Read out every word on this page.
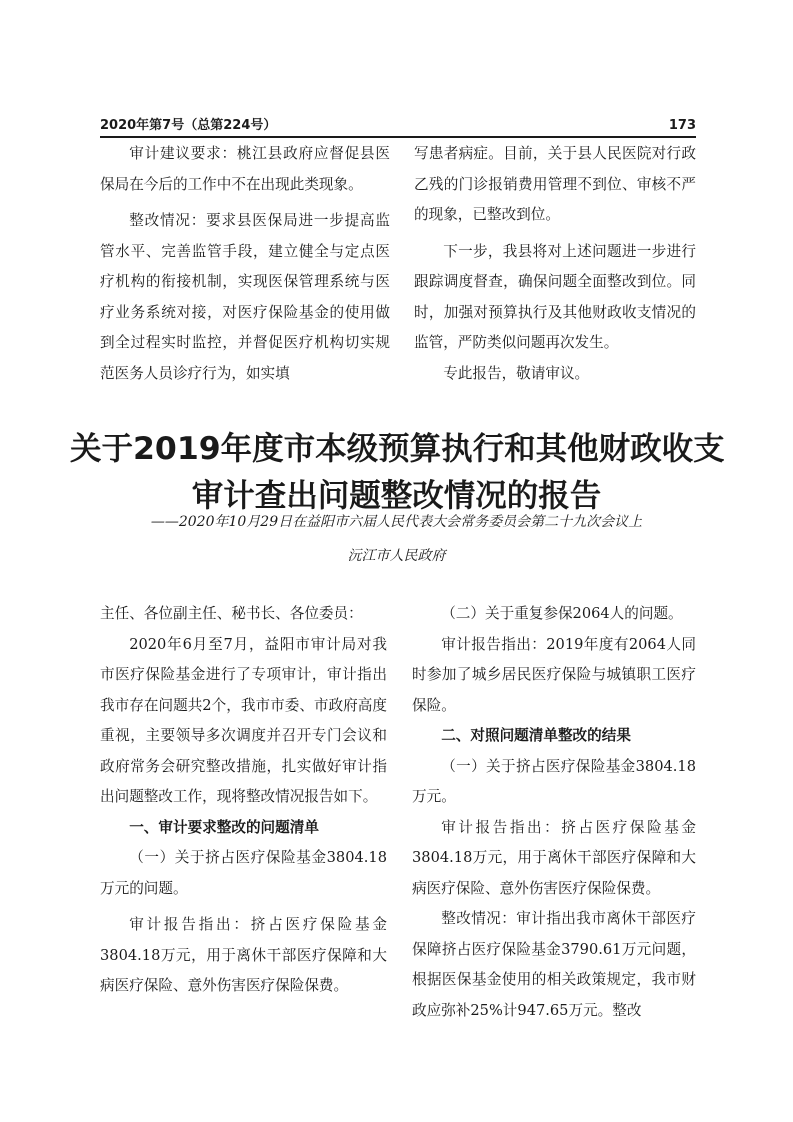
2020年第7号（总第224号）	173

审计建议要求：桃江县政府应督促县医保局在今后的工作中不在出现此类现象。

整改情况：要求县医保局进一步提高监管水平、完善监管手段，建立健全与定点医疗机构的衔接机制，实现医保管理系统与医疗业务系统对接，对医疗保险基金的使用做到全过程实时监控，并督促医疗机构切实规范医务人员诊疗行为，如实填

写患者病症。目前，关于县人民医院对行政乙残的门诊报销费用管理不到位、审核不严的现象，已整改到位。

下一步，我县将对上述问题进一步进行跟踪调度督查，确保问题全面整改到位。同时，加强对预算执行及其他财政收支情况的监管，严防类似问题再次发生。

专此报告，敬请审议。

关于2019年度市本级预算执行和其他财政收支
审计查出问题整改情况的报告
——2020年10月29日在益阳市六届人民代表大会常务委员会第二十九次会议上
沅江市人民政府

主任、各位副主任、秘书长、各位委员：

2020年6月至7月，益阳市审计局对我市医疗保险基金进行了专项审计，审计指出我市存在问题共2个，我市市委、市政府高度重视，主要领导多次调度并召开专门会议和政府常务会研究整改措施，扎实做好审计指出问题整改工作，现将整改情况报告如下。

一、审计要求整改的问题清单

（一）关于挤占医疗保险基金3804.18万元的问题。

审计报告指出：挤占医疗保险基金3804.18万元，用于离休干部医疗保障和大病医疗保险、意外伤害医疗保险保费。

（二）关于重复参保2064人的问题。

审计报告指出：2019年度有2064人同时参加了城乡居民医疗保险与城镇职工医疗保险。

二、对照问题清单整改的结果

（一）关于挤占医疗保险基金3804.18万元。

审计报告指出：挤占医疗保险基金3804.18万元，用于离休干部医疗保障和大病医疗保险、意外伤害医疗保险保费。

整改情况：审计指出我市离休干部医疗保障挤占医疗保险基金3790.61万元问题，根据医保基金使用的相关政策规定，我市财政应弥补25%计947.65万元。整改
